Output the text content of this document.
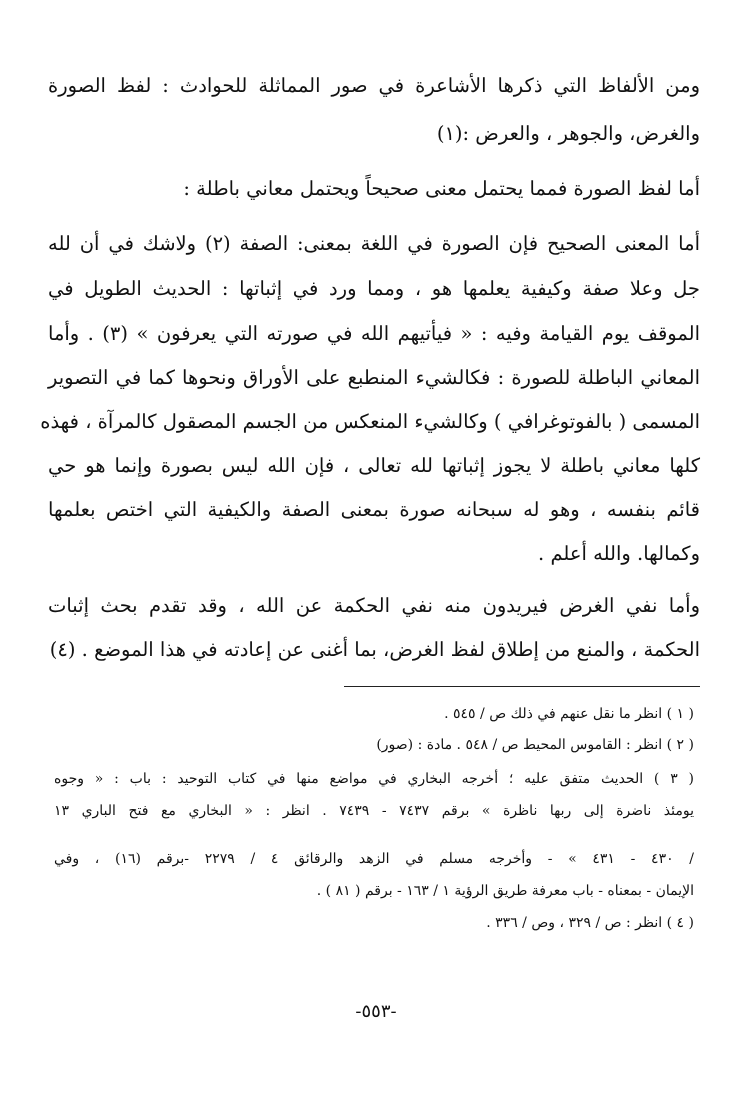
ومن الألفاظ التي ذكرها الأشاعرة في صور المماثلة للحوادث : لفظ الصورة
والغرض، والجوهر ، والعرض :(١)
أما لفظ الصورة فمما يحتمل معنى صحيحاً ويحتمل معاني باطلة :
أما المعنى الصحيح فإن الصورة في اللغة بمعنى: الصفة (٢) ولاشك في أن لله
جل وعلا صفة وكيفية يعلمها هو ، ومما ورد في إثباتها : الحديث الطويل في
الموقف يوم القيامة وفيه : « فيأتيهم الله في صورته التي يعرفون » (٣) . وأما
المعاني الباطلة للصورة : فكالشيء المنطبع على الأوراق ونحوها كما في التصوير
المسمى ( بالفوتوغرافي ) وكالشيء المنعكس من الجسم المصقول كالمرآة ، فهذه
كلها معاني باطلة لا يجوز إثباتها لله تعالى ، فإن الله ليس بصورة وإنما هو حي
قائم بنفسه ، وهو له سبحانه صورة بمعنى الصفة والكيفية التي اختص بعلمها
وكمالها. والله أعلم .
وأما نفي الغرض فيريدون منه نفي الحكمة عن الله ، وقد تقدم بحث إثبات
الحكمة ، والمنع من إطلاق لفظ الغرض، بما أغنى عن إعادته في هذا الموضع . (٤)
( ١ ) انظر ما نقل عنهم في ذلك ص / ٥٤٥ .
( ٢ ) انظر : القاموس المحيط ص / ٥٤٨ . مادة : (صور)
( ٣ ) الحديث متفق عليه ؛ أخرجه البخاري في مواضع منها في كتاب التوحيد : باب : « وجوه
يومئذ ناضرة إلى ربها ناظرة » برقم ٧٤٣٧ - ٧٤٣٩ . انظر : « البخاري مع فتح الباري ١٣
/ ٤٣٠ - ٤٣١ » - وأخرجه مسلم في الزهد والرقائق ٤ / ٢٢٧٩ -برقم (١٦) ، وفي
الإيمان - بمعناه - باب معرفة طريق الرؤية ١ / ١٦٣ - برقم ( ٨١ ) .
( ٤ ) انظر : ص / ٣٢٩ ، وص / ٣٣٦ .
-٥٥٣-
